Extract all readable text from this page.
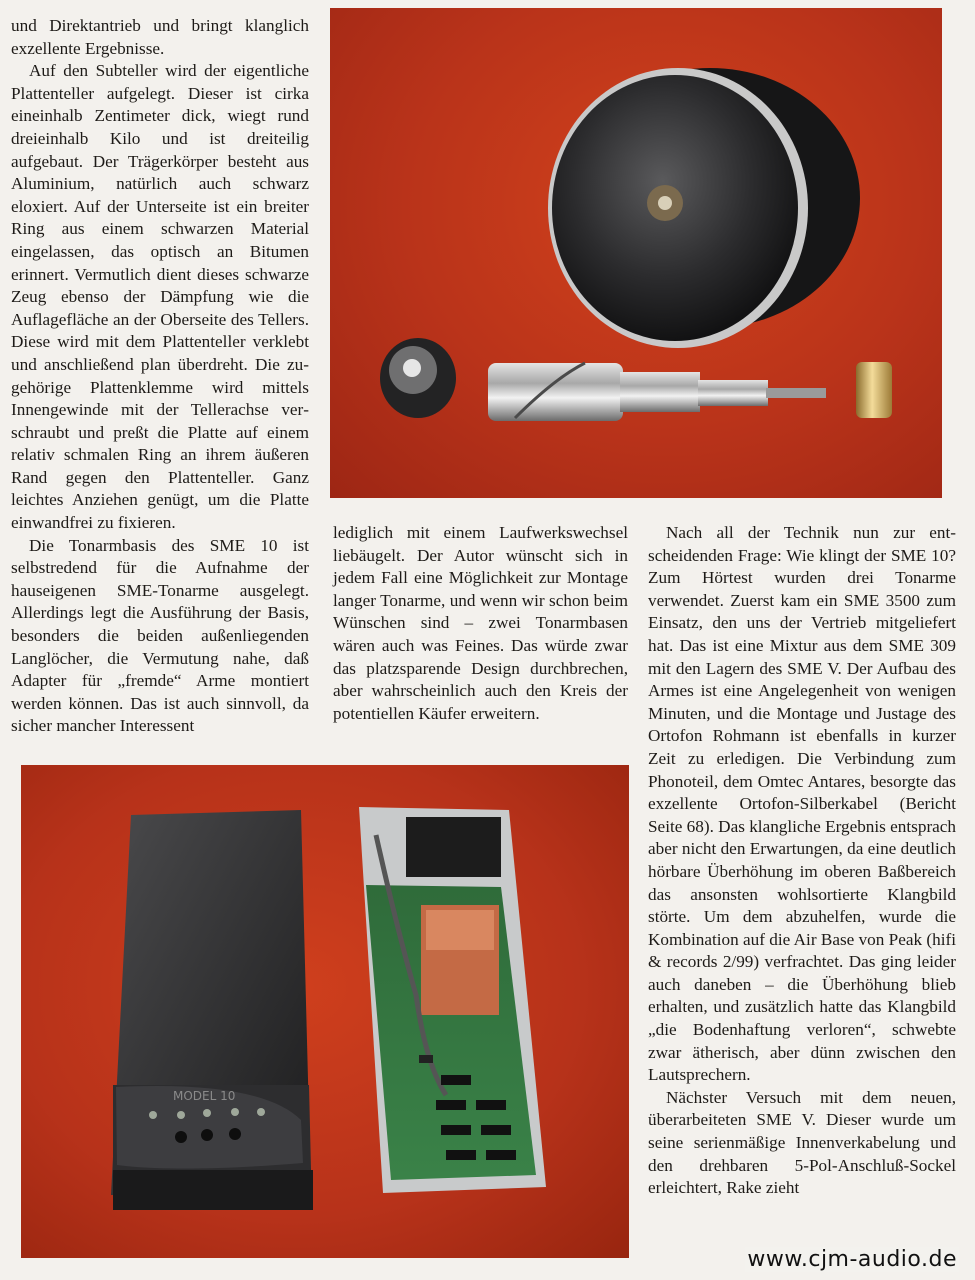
und Direktantrieb und bringt klanglich exzellente Ergebnisse.

Auf den Subteller wird der eigentliche Plattenteller aufgelegt. Dieser ist cirka eineinhalb Zentimeter dick, wiegt rund dreieinhalb Kilo und ist dreiteilig aufgebaut. Der Trägerkörper besteht aus Aluminium, natürlich auch schwarz eloxiert. Auf der Unterseite ist ein breiter Ring aus einem schwarzen Material eingelassen, das optisch an Bitumen erinnert. Vermutlich dient dieses schwarze Zeug ebenso der Dämpfung wie die Auflagefläche an der Oberseite des Tellers. Diese wird mit dem Plattenteller verklebt und anschließend plan überdreht. Die zugehörige Plattenklemme wird mittels Innengewinde mit der Tellerachse verschraubt und preßt die Platte auf einem relativ schmalen Ring an ihrem äußeren Rand gegen den Plattenteller. Ganz leichtes Anziehen genügt, um die Platte einwandfrei zu fixieren.

Die Tonarmbasis des SME 10 ist selbstredend für die Aufnahme der hauseigenen SME-Tonarme ausgelegt. Allerdings legt die Ausführung der Basis, besonders die beiden außenliegenden Langlöcher, die Vermutung nahe, daß Adapter für „fremde“ Arme montiert werden können. Das ist auch sinnvoll, da sicher mancher Interessent

lediglich mit einem Laufwerkswechsel liebäugelt. Der Autor wünscht sich in jedem Fall eine Möglichkeit zur Montage langer Tonarme, und wenn wir schon beim Wünschen sind – zwei Tonarmbasen wären auch was Feines. Das würde zwar das platzsparende Design durchbrechen, aber wahrscheinlich auch den Kreis der potentiellen Käufer erweitern.

Nach all der Technik nun zur entscheidenden Frage: Wie klingt der SME 10? Zum Hörtest wurden drei Tonarme verwendet. Zuerst kam ein SME 3500 zum Einsatz, den uns der Vertrieb mitgeliefert hat. Das ist eine Mixtur aus dem SME 309 mit den Lagern des SME V. Der Aufbau des Armes ist eine Angelegenheit von wenigen Minuten, und die Montage und Justage des Ortofon Rohmann ist ebenfalls in kurzer Zeit zu erledigen. Die Verbindung zum Phonoteil, dem Omtec Antares, besorgte das exzellente Ortofon-Silberkabel (Bericht Seite 68). Das klangliche Ergebnis entsprach aber nicht den Erwartungen, da eine deutlich hörbare Überhöhung im oberen Baßbereich das ansonsten wohlsortierte Klangbild störte. Um dem abzuhelfen, wurde die Kombination auf die Air Base von Peak (hifi & records 2/99) verfrachtet. Das ging leider auch daneben – die Überhöhung blieb erhalten, und zusätzlich hatte das Klangbild „die Bodenhaftung verloren“, schwebte zwar ätherisch, aber dünn zwischen den Lautsprechern.

Nächster Versuch mit dem neuen, überarbeiteten SME V. Dieser wurde um seine serienmäßige Innenverkabelung und den drehbaren 5-Pol-Anschluß-Sockel erleichtert, Rake zieht

MODEL 10
www.cjm-audio.de
